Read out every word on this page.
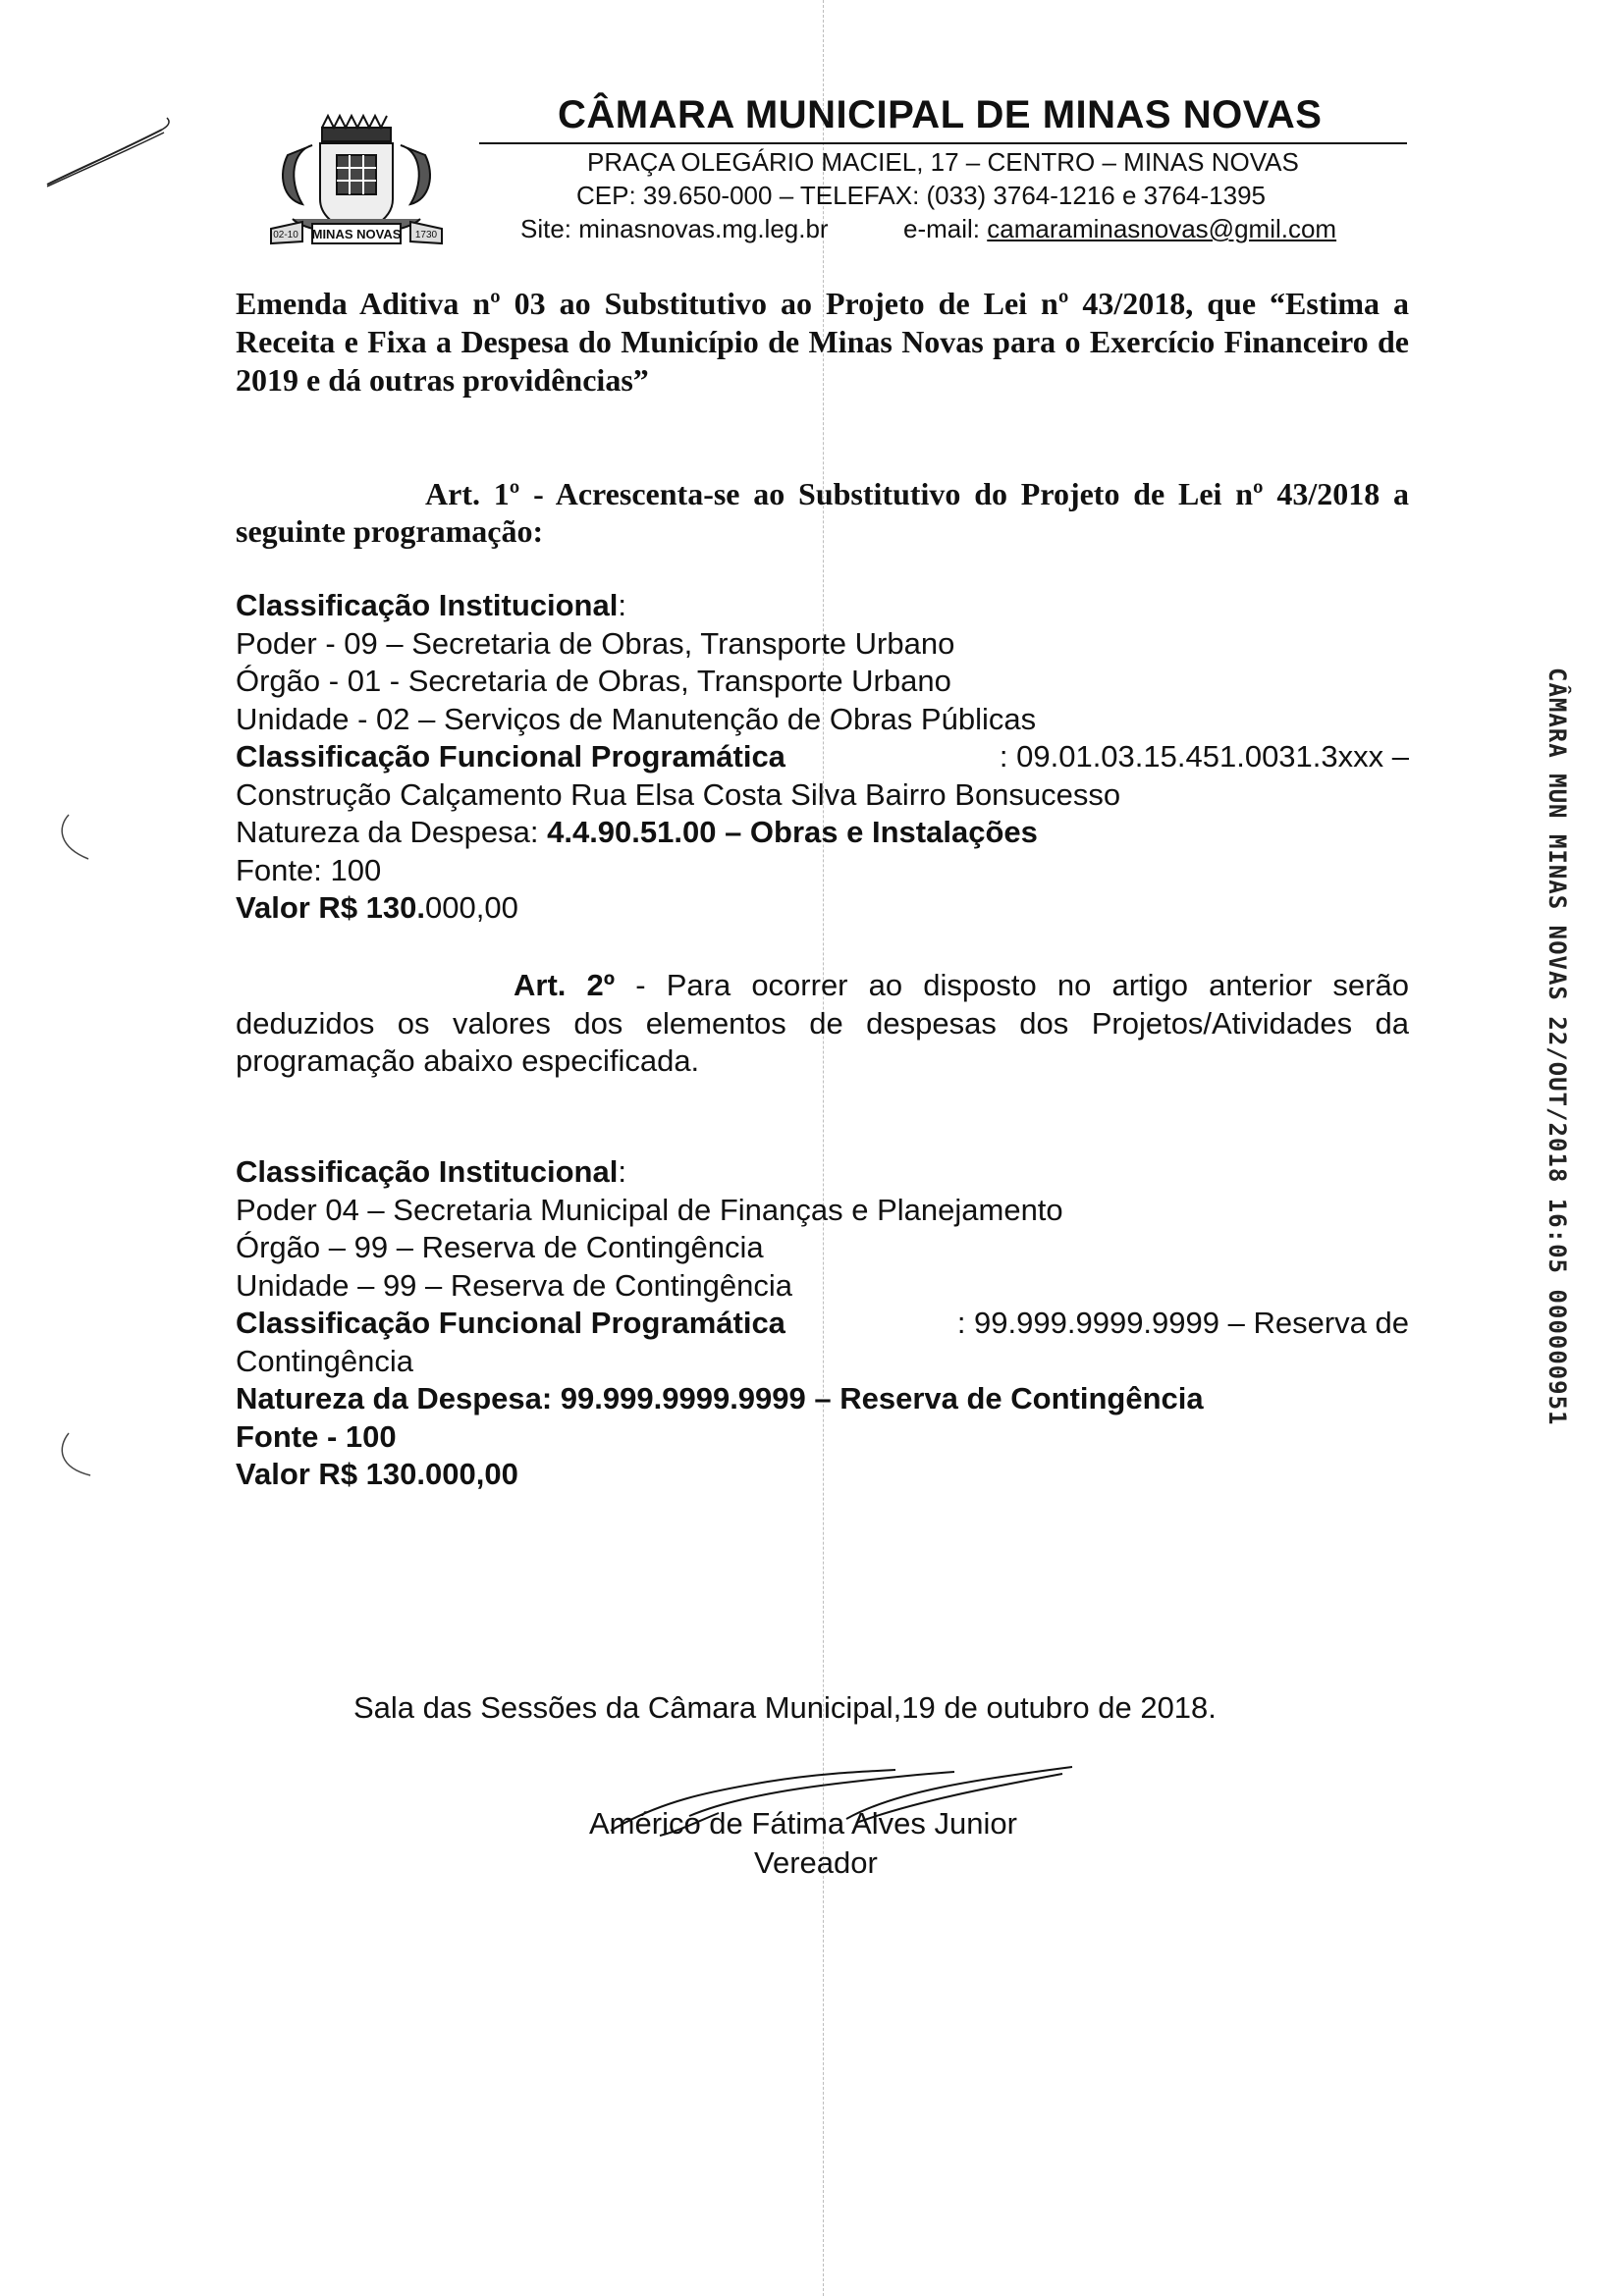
MINAS NOVAS
02-10	1730
CÂMARA MUNICIPAL DE MINAS NOVAS
PRAÇA OLEGÁRIO MACIEL, 17 – CENTRO – MINAS NOVAS
CEP: 39.650-000 – TELEFAX: (033) 3764-1216 e 3764-1395
Site: minasnovas.mg.leg.br	e-mail: camaraminasnovas@gmil.com
Emenda Aditiva nº 03 ao Substitutivo ao Projeto de Lei nº 43/2018, que “Estima a Receita e Fixa a Despesa do Município de Minas Novas para o Exercício Financeiro de 2019 e dá outras providências”
Art. 1º - Acrescenta-se ao Substitutivo do Projeto de Lei nº 43/2018 a seguinte programação:
Classificação Institucional:
Poder - 09 – Secretaria de Obras, Transporte Urbano
Órgão - 01 - Secretaria de Obras, Transporte Urbano
Unidade - 02 – Serviços de Manutenção de Obras Públicas
Classificação Funcional Programática	: 09.01.03.15.451.0031.3xxx –
Construção Calçamento Rua Elsa Costa Silva Bairro Bonsucesso
Natureza da Despesa: 4.4.90.51.00 – Obras e Instalações
Fonte: 100
Valor R$ 130.000,00
Art. 2º - Para ocorrer ao disposto no artigo anterior serão deduzidos os valores dos elementos de despesas dos Projetos/Atividades da programação abaixo especificada.
Classificação Institucional:
Poder 04 – Secretaria Municipal de Finanças e Planejamento
Órgão – 99 – Reserva de Contingência
Unidade – 99 – Reserva de Contingência
Classificação Funcional Programática	: 99.999.9999.9999 – Reserva de
Contingência
Natureza da Despesa: 99.999.9999.9999 – Reserva de Contingência
Fonte - 100
Valor R$ 130.000,00
Sala das Sessões da Câmara Municipal,19 de outubro de 2018.
Américo de Fátima Alves Junior
Vereador
CÂMARA MUN MINAS NOVAS 22/OUT/2018 16:05 000000951
